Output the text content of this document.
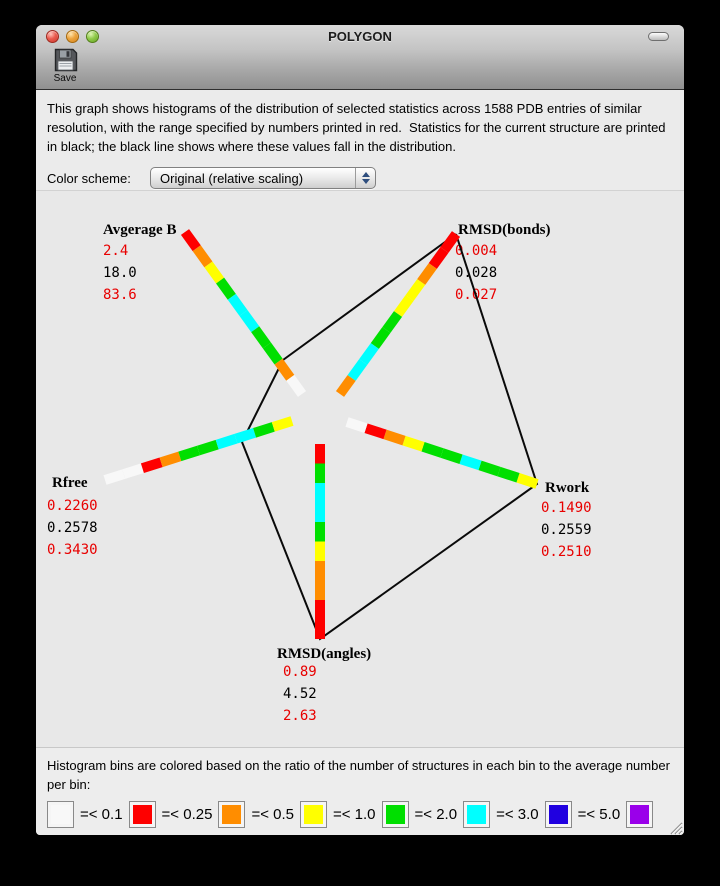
POLYGON
Save
This graph shows histograms of the distribution of selected statistics across 1588 PDB entries of similar resolution, with the range specified by numbers printed in red.  Statistics for the current structure are printed in black; the black line shows where these values fall in the distribution.
Color scheme:	Original (relative scaling)
Avgerage B
2.4
18.0
83.6
RMSD(bonds)
0.004
0.028
0.027
Rfree
0.2260
0.2578
0.3430
Rwork
0.1490
0.2559
0.2510
RMSD(angles)
0.89
4.52
2.63
Histogram bins are colored based on the ratio of the number of structures in each bin to the average number per bin:
=< 0.1	=< 0.25	=< 0.5	=< 1.0	=< 2.0	=< 3.0	=< 5.0
